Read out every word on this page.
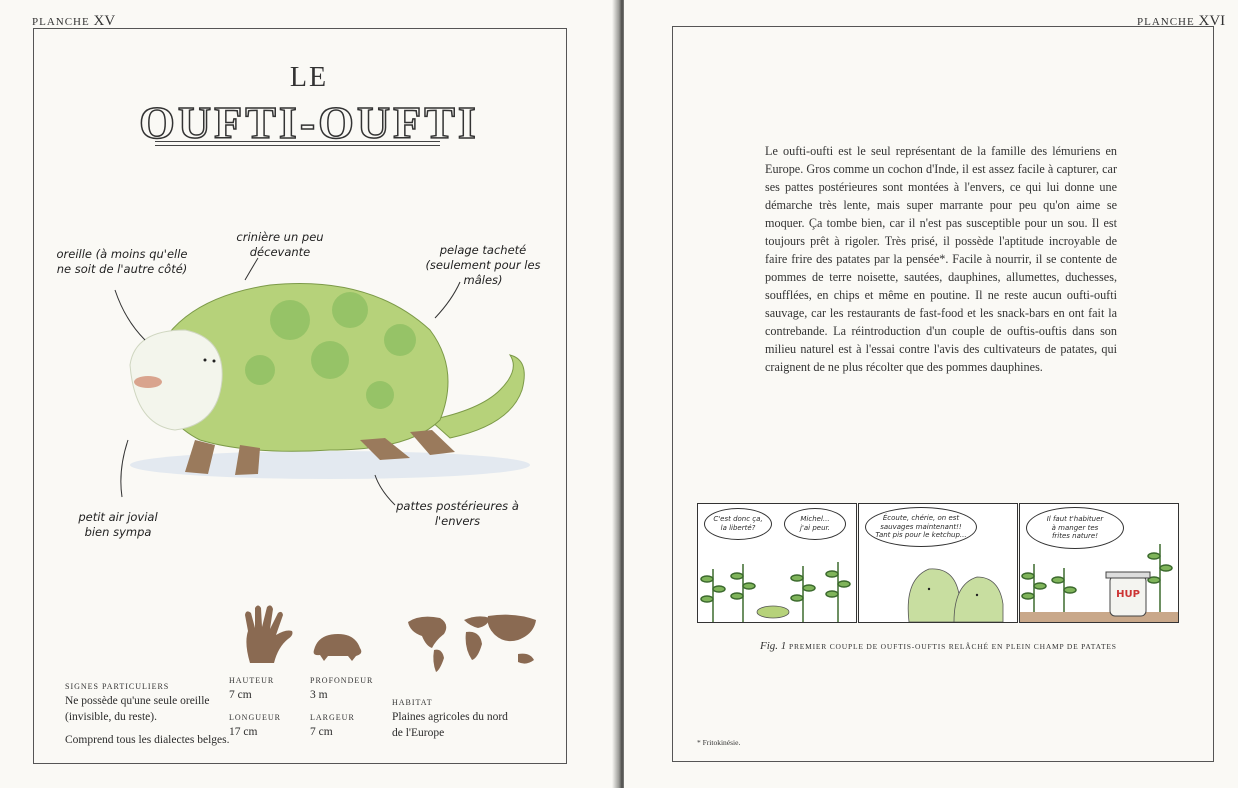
PLANCHE XV
LE
OUFTI-OUFTI
oreille (à moins qu'elle
ne soit de l'autre côté)
crinière un peu décevante	pelage tacheté
(seulement pour les mâles)
petit air jovial
bien sympa
pattes postérieures à l'envers
SIGNES PARTICULIERS
Ne possède qu'une seule oreille
(invisible, du reste).
Comprend tous les dialectes belges.
HAUTEUR
7 cm
PROFONDEUR
3 m
LONGUEUR
17 cm
LARGEUR
7 cm
HABITAT
Plaines agricoles du nord
de l'Europe
PLANCHE XVI
Le oufti-oufti est le seul représentant de la famille des lémuriens en Europe. Gros comme un cochon d'Inde, il est assez facile à capturer, car ses pattes postérieures sont montées à l'envers, ce qui lui donne une démarche très lente, mais super marrante pour peu qu'on aime se moquer. Ça tombe bien, car il n'est pas susceptible pour un sou. Il est toujours prêt à rigoler. Très prisé, il possède l'aptitude incroyable de faire frire des patates par la pensée*. Facile à nourrir, il se contente de pommes de terre noisette, sautées, dauphines, allumettes, duchesses, soufflées, en chips et même en poutine. Il ne reste aucun oufti-oufti sauvage, car les restaurants de fast-food et les snack-bars en ont fait la contrebande. La réintroduction d'un couple de ouftis-ouftis dans son milieu naturel est à l'essai contre l'avis des cultivateurs de patates, qui craignent de ne plus récolter que des pommes dauphines.
C'est donc ça,
la liberté?
Michel...
j'ai peur.
Écoute, chérie, on est
sauvages maintenant!!
Tant pis pour le ketchup...
Il faut t'habituer
à manger tes
frites nature!
HUP
Fig. 1 PREMIER COUPLE DE OUFTIS-OUFTIS RELÂCHÉ EN PLEIN CHAMP DE PATATES
* Fritokinésie.
